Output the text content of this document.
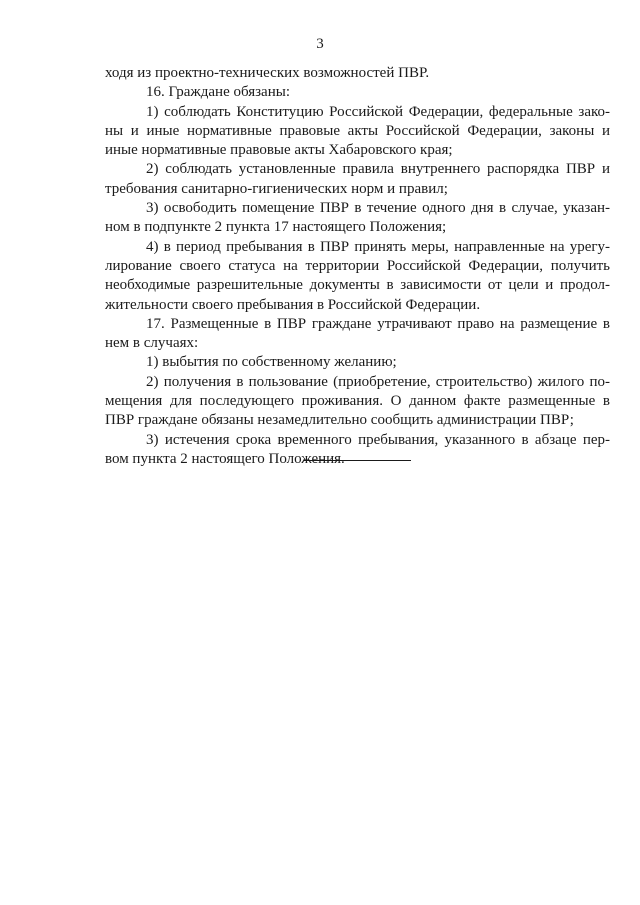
3
ходя из проектно-технических возможностей ПВР.
16. Граждане обязаны:
1) соблюдать Конституцию Российской Федерации, федеральные зако-
ны и иные нормативные правовые акты Российской Федерации, законы и
иные нормативные правовые акты Хабаровского края;
2) соблюдать установленные правила внутреннего распорядка ПВР и
требования санитарно-гигиенических норм и правил;
3) освободить помещение ПВР в течение одного дня в случае, указан-
ном в подпункте 2 пункта 17 настоящего Положения;
4) в период пребывания в ПВР принять меры, направленные на урегу-
лирование своего статуса на территории Российской Федерации, получить
необходимые разрешительные документы в зависимости от цели и продол-
жительности своего пребывания в Российской Федерации.
17. Размещенные в ПВР граждане утрачивают право на размещение в
нем в случаях:
1) выбытия по собственному желанию;
2) получения в пользование (приобретение, строительство) жилого по-
мещения для последующего проживания. О данном факте размещенные в
ПВР граждане обязаны незамедлительно сообщить администрации ПВР;
3) истечения срока временного пребывания, указанного в абзаце пер-
вом пункта 2 настоящего Положения.
